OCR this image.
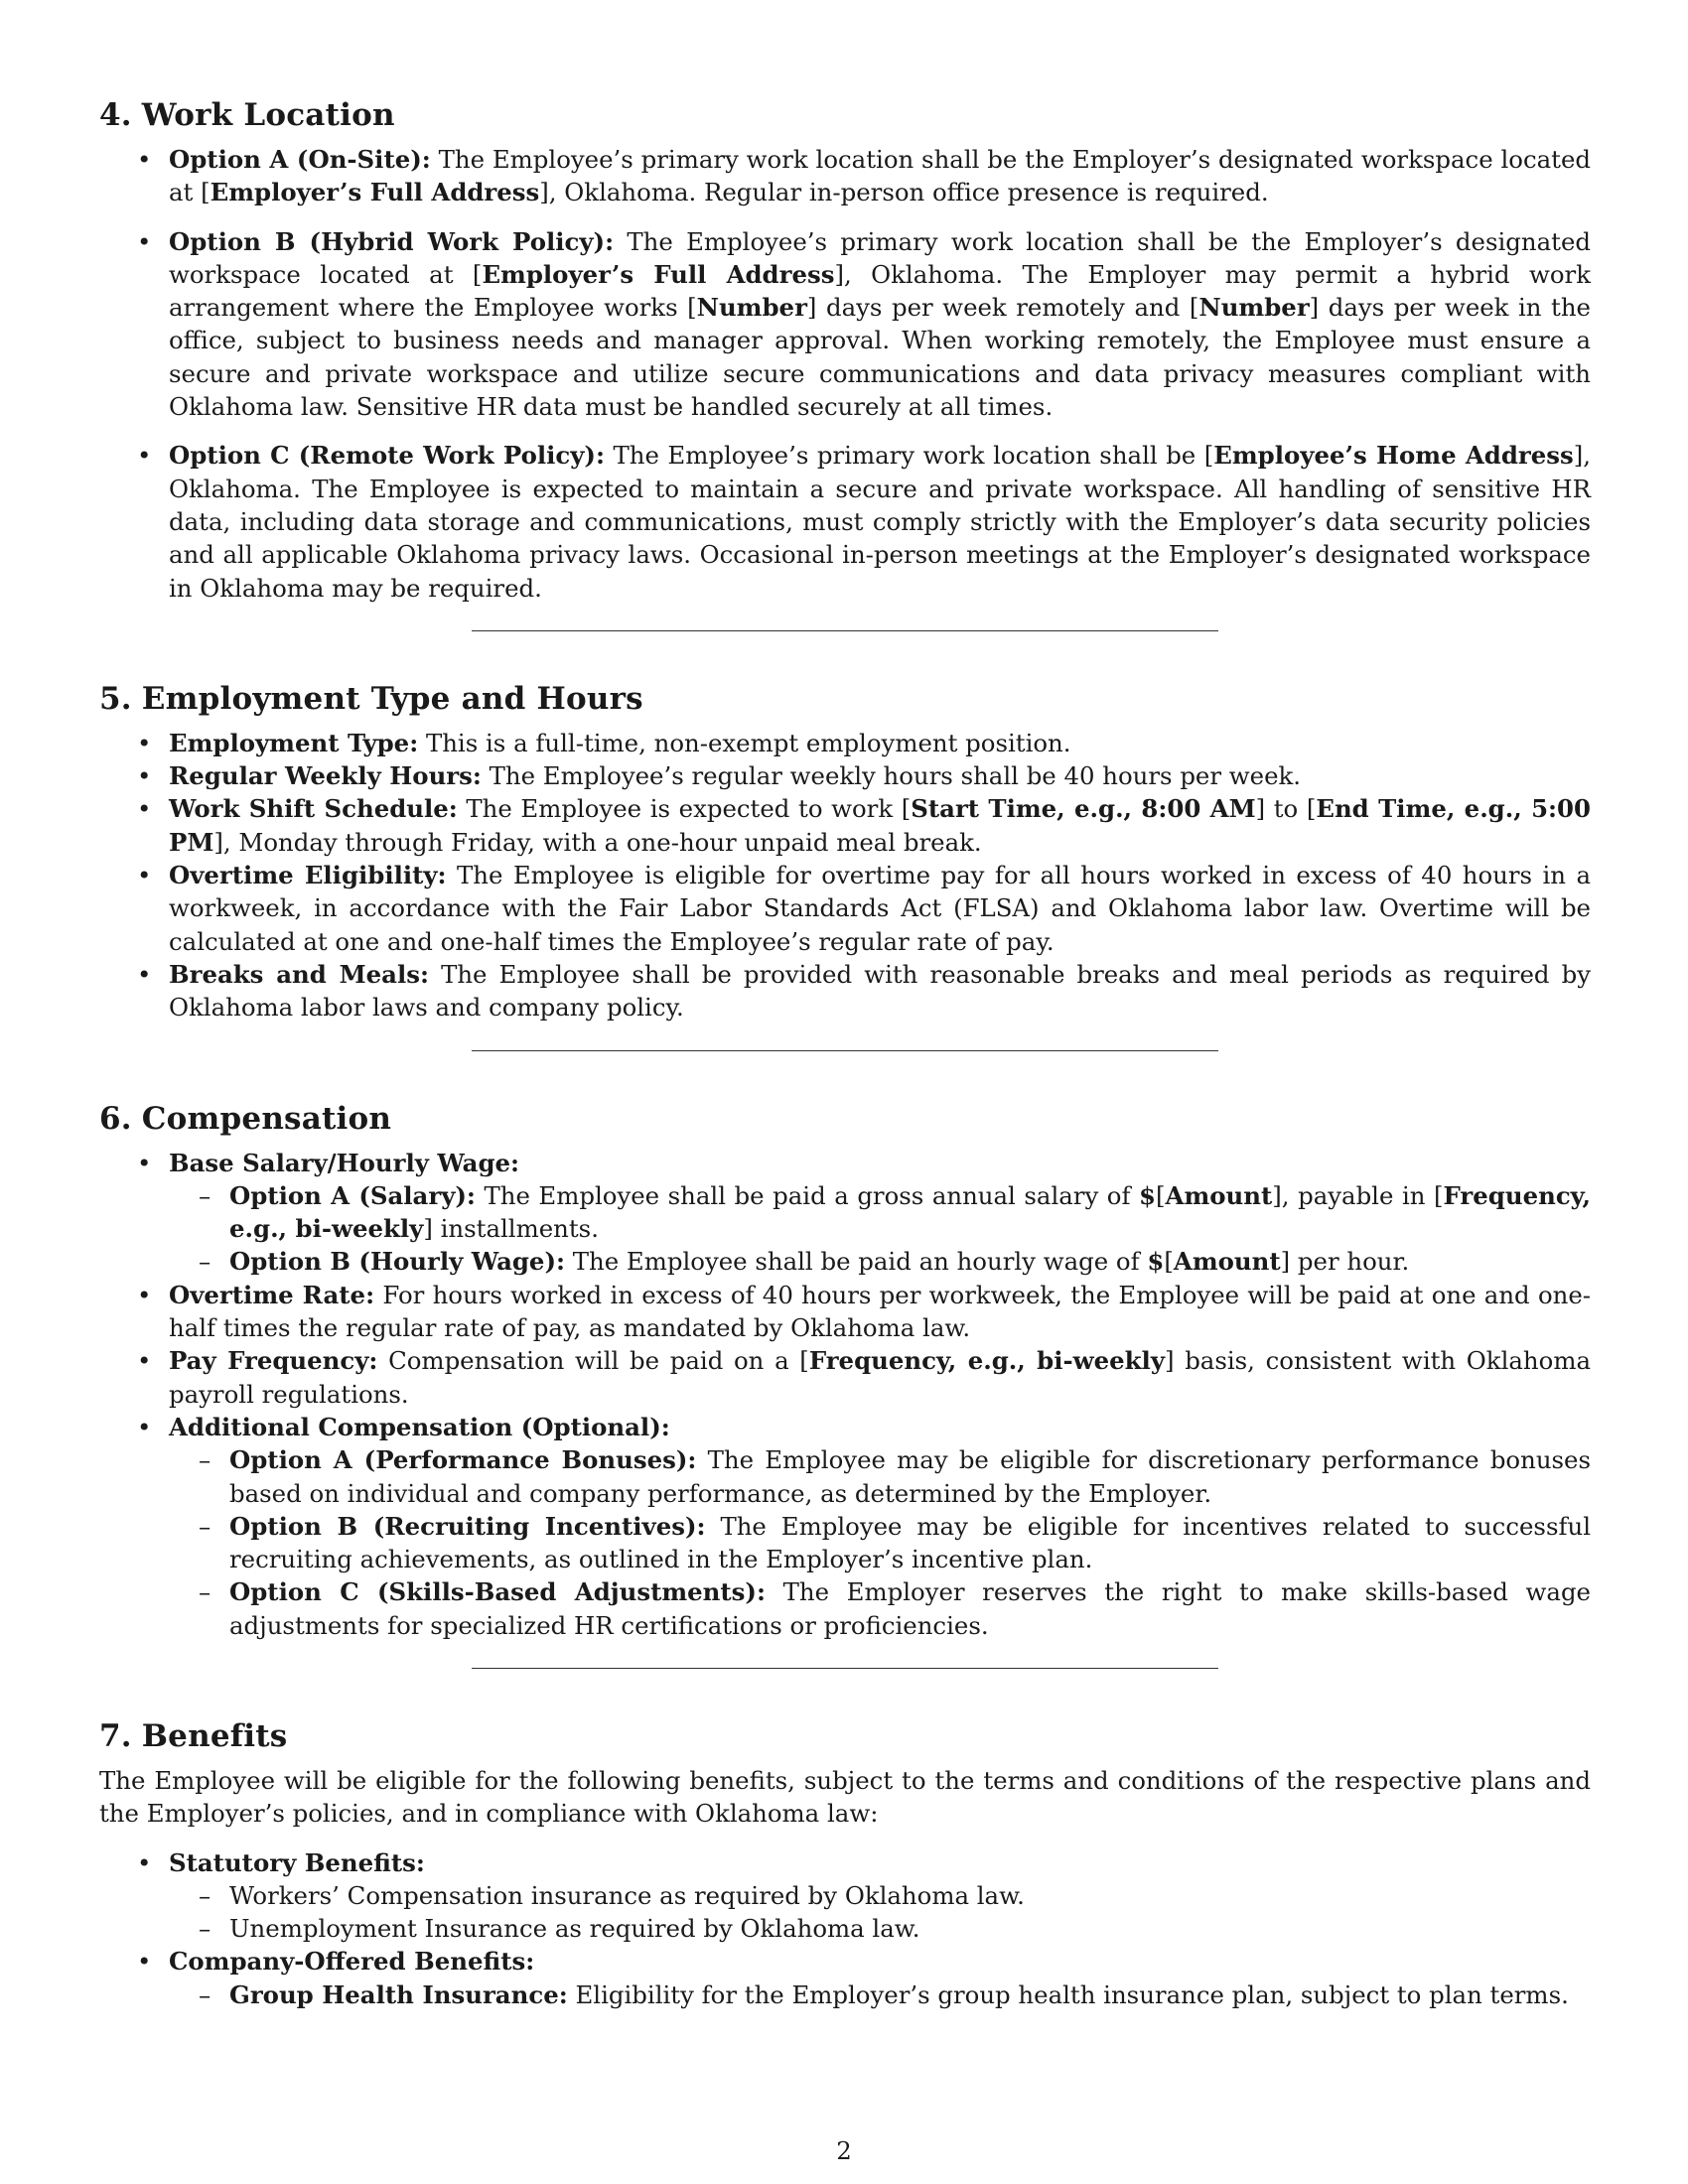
4. Work Location
• Option A (On-Site): The Employee’s primary work location shall be the Employer’s designated workspace located at [Employer’s Full Address], Oklahoma. Regular in-person office presence is required.
• Option B (Hybrid Work Policy): The Employee’s primary work location shall be the Employer’s designated workspace located at [Employer’s Full Address], Oklahoma. The Employer may permit a hybrid work arrangement where the Employee works [Number] days per week remotely and [Number] days per week in the office, subject to business needs and manager approval. When working remotely, the Employee must ensure a secure and private workspace and utilize secure communications and data privacy measures compliant with Oklahoma law. Sensitive HR data must be handled securely at all times.
• Option C (Remote Work Policy): The Employee’s primary work location shall be [Employee’s Home Address], Oklahoma. The Employee is expected to maintain a secure and private workspace. All handling of sensitive HR data, including data storage and communications, must comply strictly with the Employer’s data security policies and all applicable Oklahoma privacy laws. Occasional in-person meetings at the Employer’s designated workspace in Oklahoma may be required.
5. Employment Type and Hours
• Employment Type: This is a full-time, non-exempt employment position.
• Regular Weekly Hours: The Employee’s regular weekly hours shall be 40 hours per week.
• Work Shift Schedule: The Employee is expected to work [Start Time, e.g., 8:00 AM] to [End Time, e.g., 5:00 PM], Monday through Friday, with a one-hour unpaid meal break.
• Overtime Eligibility: The Employee is eligible for overtime pay for all hours worked in excess of 40 hours in a workweek, in accordance with the Fair Labor Standards Act (FLSA) and Oklahoma labor law. Overtime will be calculated at one and one-half times the Employee’s regular rate of pay.
• Breaks and Meals: The Employee shall be provided with reasonable breaks and meal periods as required by Oklahoma labor laws and company policy.
6. Compensation
• Base Salary/Hourly Wage:
– Option A (Salary): The Employee shall be paid a gross annual salary of $[Amount], payable in [Frequency, e.g., bi-weekly] installments.
– Option B (Hourly Wage): The Employee shall be paid an hourly wage of $[Amount] per hour.
• Overtime Rate: For hours worked in excess of 40 hours per workweek, the Employee will be paid at one and one-half times the regular rate of pay, as mandated by Oklahoma law.
• Pay Frequency: Compensation will be paid on a [Frequency, e.g., bi-weekly] basis, consistent with Oklahoma payroll regulations.
• Additional Compensation (Optional):
– Option A (Performance Bonuses): The Employee may be eligible for discretionary performance bonuses based on individual and company performance, as determined by the Employer.
– Option B (Recruiting Incentives): The Employee may be eligible for incentives related to successful recruiting achievements, as outlined in the Employer’s incentive plan.
– Option C (Skills-Based Adjustments): The Employer reserves the right to make skills-based wage adjustments for specialized HR certifications or proficiencies.
7. Benefits

The Employee will be eligible for the following benefits, subject to the terms and conditions of the respective plans and the Employer’s policies, and in compliance with Oklahoma law:

• Statutory Benefits:
– Workers’ Compensation insurance as required by Oklahoma law.
– Unemployment Insurance as required by Oklahoma law.
• Company-Offered Benefits:
– Group Health Insurance: Eligibility for the Employer’s group health insurance plan, subject to plan terms.
2
